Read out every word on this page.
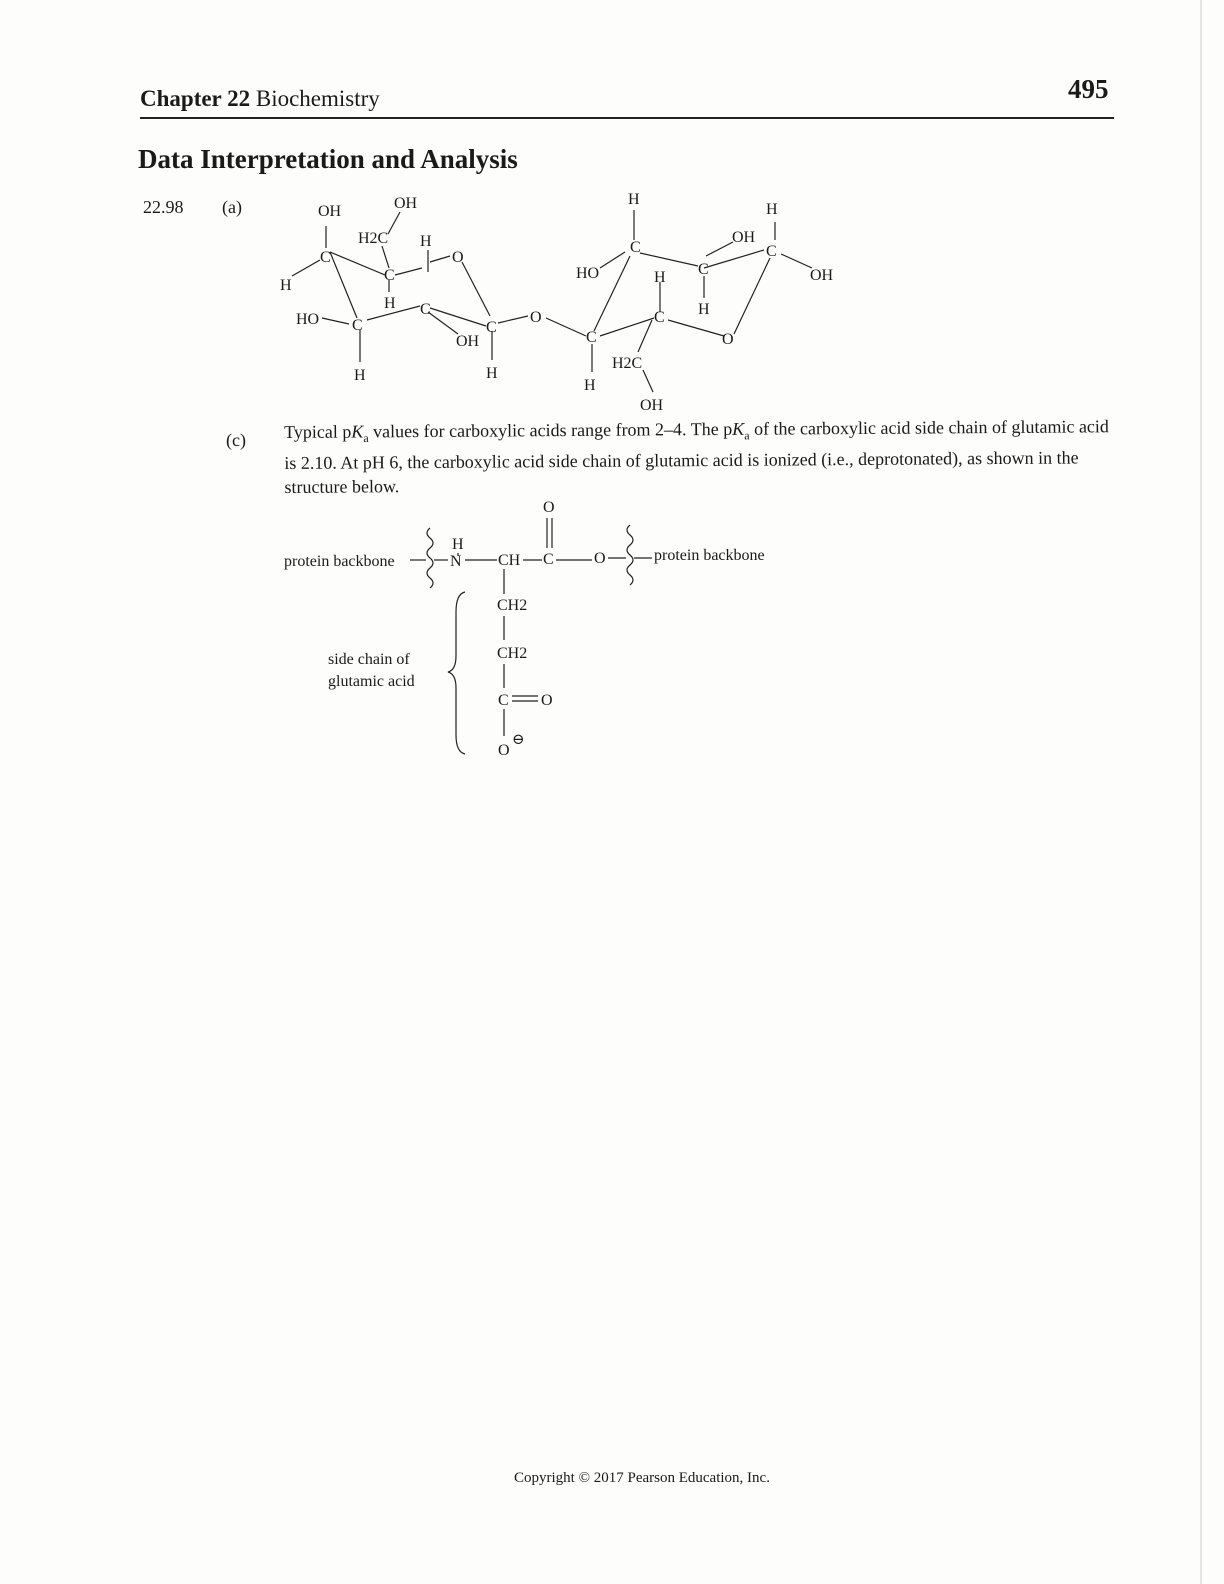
Chapter 22 Biochemistry	495
Data Interpretation and Analysis
22.98 (a)
(c) Typical $pK_a$ values for carboxylic acids range from 2–4. The $pK_a$ of the carboxylic acid side chain of glutamic acid is 2.10. At pH 6, the carboxylic acid side chain of glutamic acid is ionized (i.e., deprotonated), as shown in the structure below.
OH	OH
H2C H
C
C
O
H
H C
HO C	C
OH
O
H	H
H
H
C
OH
C
HO	H C	OH
H
C
C	O
H2C
H
OH
protein backbone	protein backbone
H
N CH C
O
O
CH2
CH2
C O
O
⊖
side chain of
glutamic acid
Copyright © 2017 Pearson Education, Inc.
